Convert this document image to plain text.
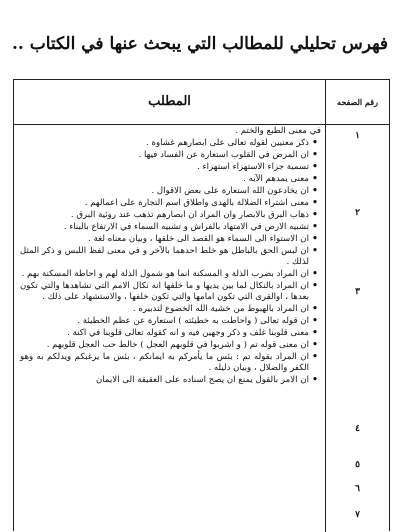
فهرس تحليلي للمطالب التي يبحث عنها في الكتاب ..
المطلب	رقم الصفحه
في معنى الطبع والختم .
•
ذكر معنيين لقوله تعالى على ابصارهم غشاوة .
•
ان المرض في القلوب استعارة عن الفساد فيها .
•
تسمية جزاء الاستهزاء استهزاء .
•
معنى يمدهم الآيه .
•
ان يخادعون الله استعارة على بعض الاقوال .
•
معنى اشتراء الضلالة بالهدى واطلاق اسم التجارة على اعمالهم .
•
ذهاب البرق بالابصار وان المراد ان ابصارهم تذهب عند روئية البرق .
•
تشبيه الارض في الامتهاد بالفراش و تشبيه السماء في الارتفاع بالبناء .
•
ان الاستواء الى السماء هو القصد الى خلقها ، وبيان معناه لغة .
•
ان لبس الحق بالباطل هو خلط احدهما بالآخر و في معنى لفظ اللبس و ذكر المثل لذلك .
•
ان المراد بضرب الذلة و المسكنة انما هو شمول الذلة لهم و احاطة المسكنة بهم .
•
ان المراد بالنكال لما بين يديها و ما خلفها انه نكال الامم التي تشاهدها والتي تكون بعدها ، اوالقرى التي تكون امامها والتي تكون خلفها ، والاستشهاد على ذلك .
•
ان المراد بالهبوط من خشية الله الخضوع لتدبيره .
•
ان قوله تعالى ( واحاطت به خطيئته ) استعارة عن عظم الخطيئة .
•
معنى قلوبنا غلف و ذكر وجهين فيه و انه كقوله تعالى قلوبنا في اكنة .
•
ان معنى قوله تم ( و اشربوا في قلوبهم العجل ) خالط حب العجل قلوبهم .
•
ان المراد بقوله تم : بئس ما يأمركم به ايمانكم ، بئس ما يرغبكم ويدلكم به وهو الكفر والضلال ، وبيان دليله .
•
ان الامر بالقول يمنع ان يصح اسناده على العقيقة الى الايمان
١
٢
٣
٤
٥
٦
٧
